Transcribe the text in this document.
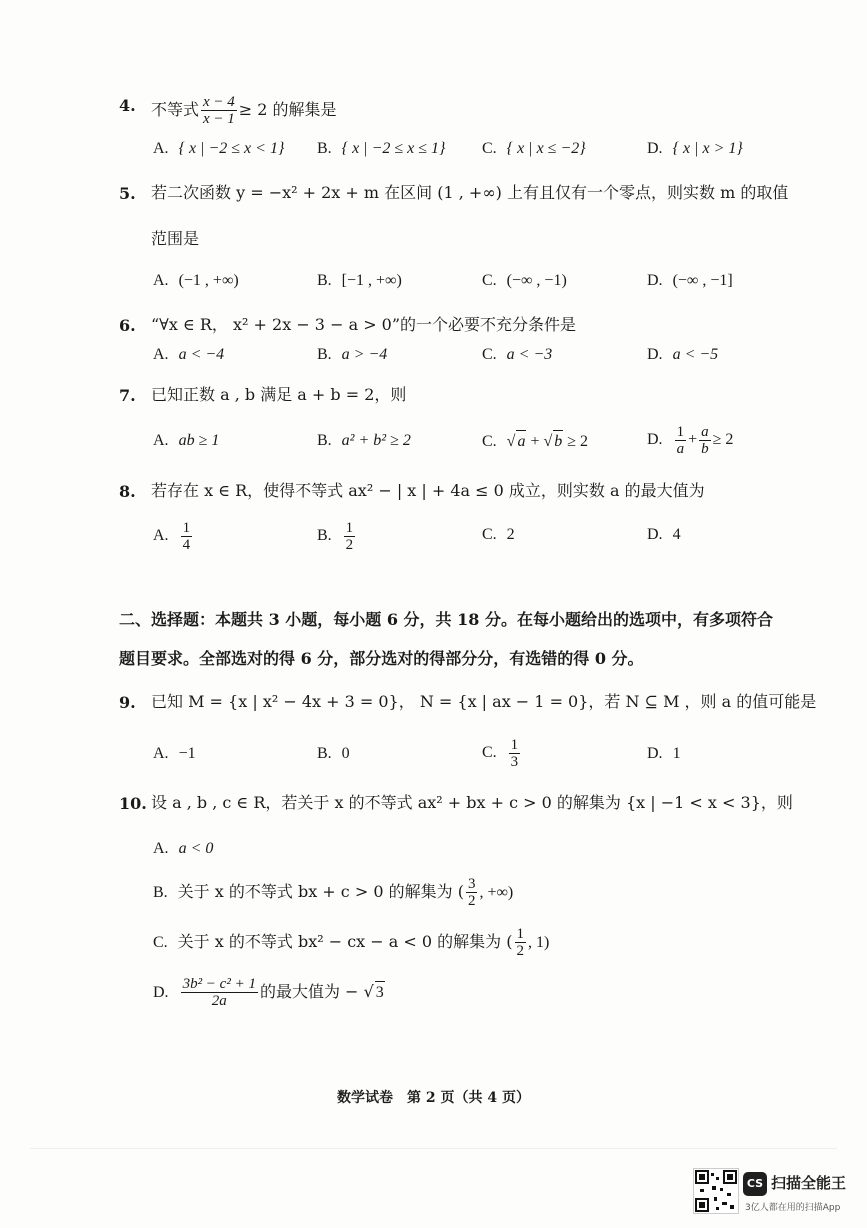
4. 不等式 $\frac{x - 4}{x - 1} \ge 2$ 的解集是
A. { x | −2 ≤ x < 1} B. { x | −2 ≤ x ≤ 1} C. { x | x ≤ −2}	D. { x | x > 1}
5. 若二次函数 y = −x² + 2x + m 在区间 (1 , +∞) 上有且仅有一个零点，则实数 m 的取值
范围是
A. (−1 , +∞)	B. [−1 , +∞)	C. (−∞ , −1)	D. (−∞ , −1]
6. “∀x ∈ R， x² + 2x − 3 − a > 0”的一个必要不充分条件是
A. a < −4	B. a > −4	C. a < −3	D. a < −5
7. 已知正数 a , b 满足 a + b = 2，则
A. ab ≥ 1	B. a² + b² ≥ 2	C. √ a + √ b ≥ 2	D. $\frac{1}{a} + \frac{a}{b} \ge 2$
8. 若存在 x ∈ R，使得不等式 ax² − | x | + 4a ≤ 0 成立，则实数 a 的最大值为
A. $\frac{1}{4}$	B. $\frac{1}{2}$	C. 2	D. 4
二、选择题：本题共 3 小题，每小题 6 分，共 18 分。在每小题给出的选项中，有多项符合
题目要求。全部选对的得 6 分，部分选对的得部分分，有选错的得 0 分。
9. 已知 M = {x | x² − 4x + 3 = 0}， N = {x | ax − 1 = 0}，若 N ⊆ M ，则 a 的值可能是
A. −1	B. 0	C. $\frac{1}{3}$	D. 1
10. 设 a , b , c ∈ R，若关于 x 的不等式 ax² + bx + c > 0 的解集为 {x | −1 < x < 3}，则
A. a < 0
B. 关于 x 的不等式 bx + c > 0 的解集为 ( $\frac{3}{2}$ , +∞)
C. 关于 x 的不等式 bx² − cx − a < 0 的解集为 ( $\frac{1}{2}$ , 1)
D. $\frac{\text{3b² − c² + 1}}{2a}$ 的最大值为 − √ 3
数学试卷　第 2 页（共 4 页）
CS 扫描全能王
3亿人都在用的扫描App
